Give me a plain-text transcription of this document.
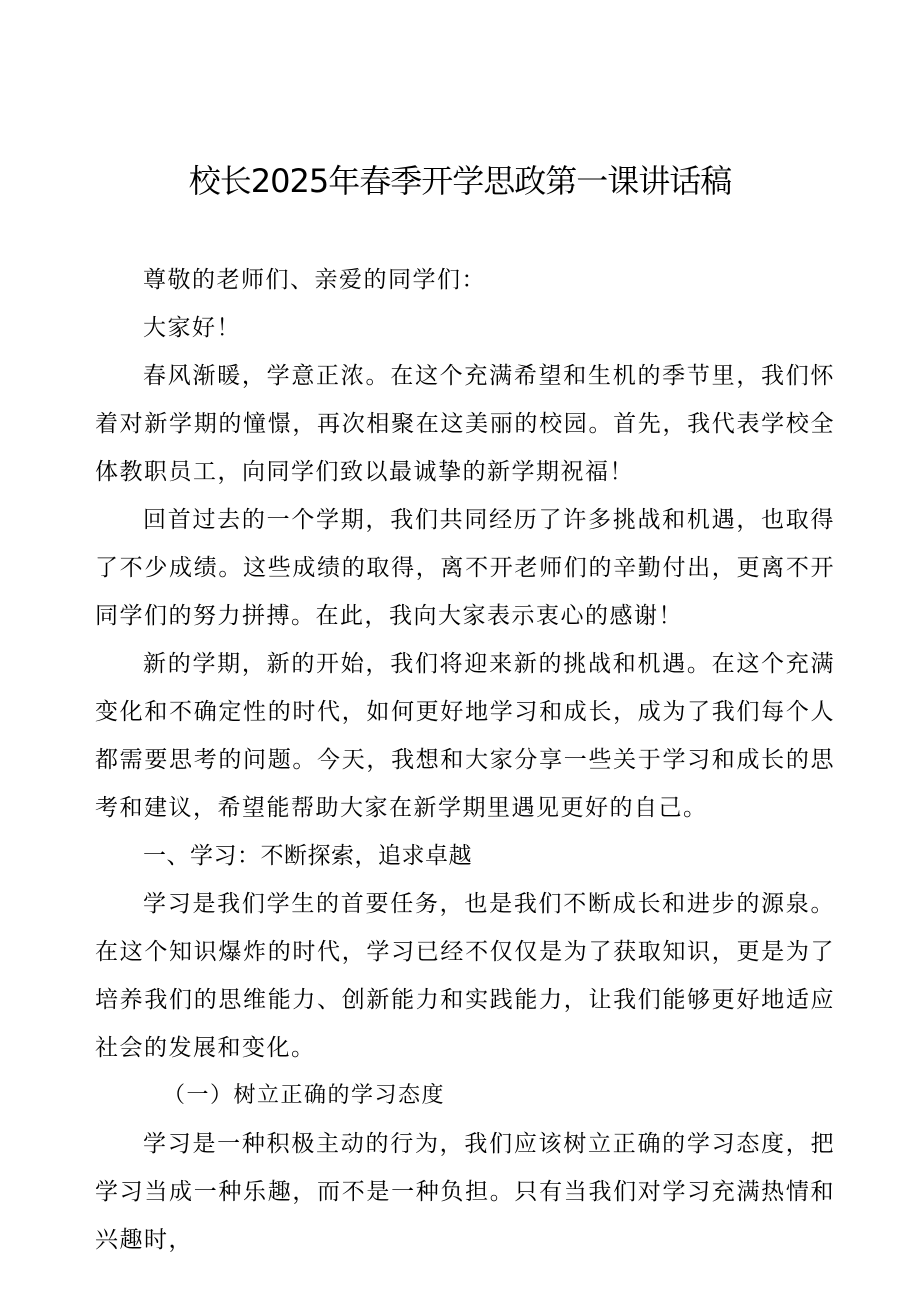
校长2025年春季开学思政第一课讲话稿

尊敬的老师们、亲爱的同学们：

大家好！

春风渐暖，学意正浓。在这个充满希望和生机的季节里，我们怀着对新学期的憧憬，再次相聚在这美丽的校园。首先，我代表学校全体教职员工，向同学们致以最诚挚的新学期祝福！

回首过去的一个学期，我们共同经历了许多挑战和机遇，也取得了不少成绩。这些成绩的取得，离不开老师们的辛勤付出，更离不开同学们的努力拼搏。在此，我向大家表示衷心的感谢！

新的学期，新的开始，我们将迎来新的挑战和机遇。在这个充满变化和不确定性的时代，如何更好地学习和成长，成为了我们每个人都需要思考的问题。今天，我想和大家分享一些关于学习和成长的思考和建议，希望能帮助大家在新学期里遇见更好的自己。

一、学习：不断探索，追求卓越

学习是我们学生的首要任务，也是我们不断成长和进步的源泉。在这个知识爆炸的时代，学习已经不仅仅是为了获取知识，更是为了培养我们的思维能力、创新能力和实践能力，让我们能够更好地适应社会的发展和变化。

（一）树立正确的学习态度

学习是一种积极主动的行为，我们应该树立正确的学习态度，把学习当成一种乐趣，而不是一种负担。只有当我们对学习充满热情和兴趣时，
